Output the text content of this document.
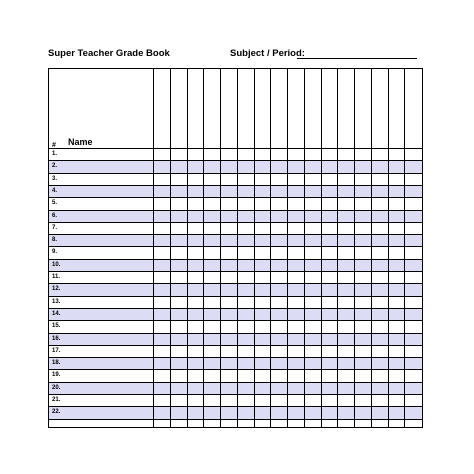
Super Teacher Grade Book	Subject / Period:
# Name
1.
2.
3.
4.
5.
6.
7.
8.
9.
10.
11.
12.
13.
14.
15.
16.
17.
18.
19.
20.
21.
22.
